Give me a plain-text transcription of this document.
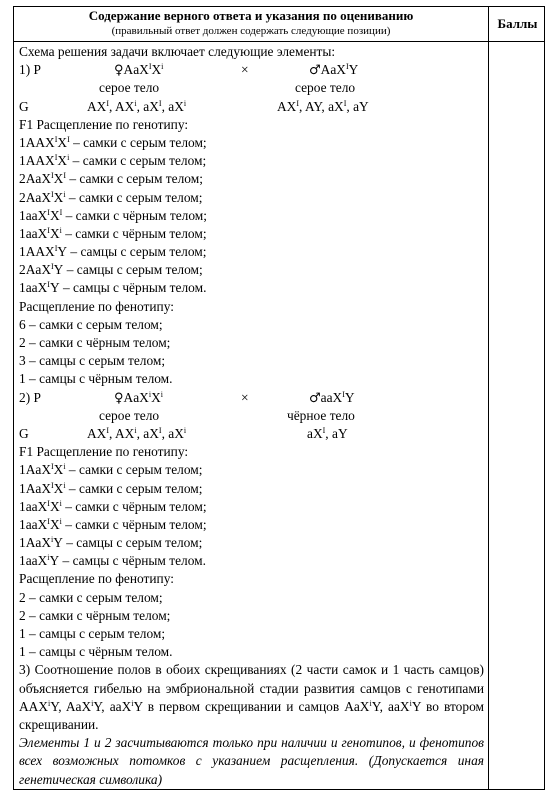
Содержание верного ответа и указания по оцениванию
(правильный ответ должен содержать следующие позиции)	Баллы
Схема решения задачи включает следующие элементы:
1) P	$♀AaX^IX^i$	×	♂AaX$^I$Y
серое тело	серое тело
G	$AX^I$, $AX^i$, $aX^I$, $aX^i$	$AX^I$, AY, $aX^I$, aY
F1 Расщепление по генотипу:
$1AAX^IX^I$ – самки с серым телом;
$1AAX^IX^i$ – самки с серым телом;
$2AaX^IX^I$ – самки с серым телом;
$2AaX^IX^i$ – самки с серым телом;
$1aaX^IX^I$ – самки с чёрным телом;
$1aaX^IX^i$ – самки с чёрным телом;
$1AAX^IY$ – самцы с серым телом;
2AaX$^I$Y – самцы с серым телом;
1aaX$^I$Y – самцы с чёрным телом.
Расщепление по фенотипу:
6 – самки с серым телом;
2 – самки с чёрным телом;
3 – самцы с серым телом;
1 – самцы с чёрным телом.
2) P	$♀AaX^iX^i$	×	♂aaX$^I$Y
серое тело	чёрное тело
G	$AX^I$, $AX^i$, $aX^I$, $aX^i$	$aX^I$, aY
F1 Расщепление по генотипу:
$1AaX^IX^i$ – самки с серым телом;
$1AaX^IX^i$ – самки с серым телом;
$1aaX^IX^i$ – самки с чёрным телом;
$1aaX^IX^i$ – самки с чёрным телом;
1AaX$^i$Y – самцы с серым телом;
1aaX$^i$Y – самцы с чёрным телом.
Расщепление по фенотипу:
2 – самки с серым телом;
2 – самки с чёрным телом;
1 – самцы с серым телом;
1 – самцы с чёрным телом.
3) Соотношение полов в обоих скрещиваниях (2 части самок и 1 часть самцов) объясняется гибелью на эмбриональной стадии развития самцов с генотипами AAX$^i$Y, AaX$^i$Y, aaX$^i$Y в первом скрещивании и самцов AaX$^i$Y, aaX$^i$Y во втором скрещивании.
Элементы 1 и 2 засчитываются только при наличии и генотипов, и фенотипов всех возможных потомков с указанием расщепления. (Допускается иная генетическая символика)
